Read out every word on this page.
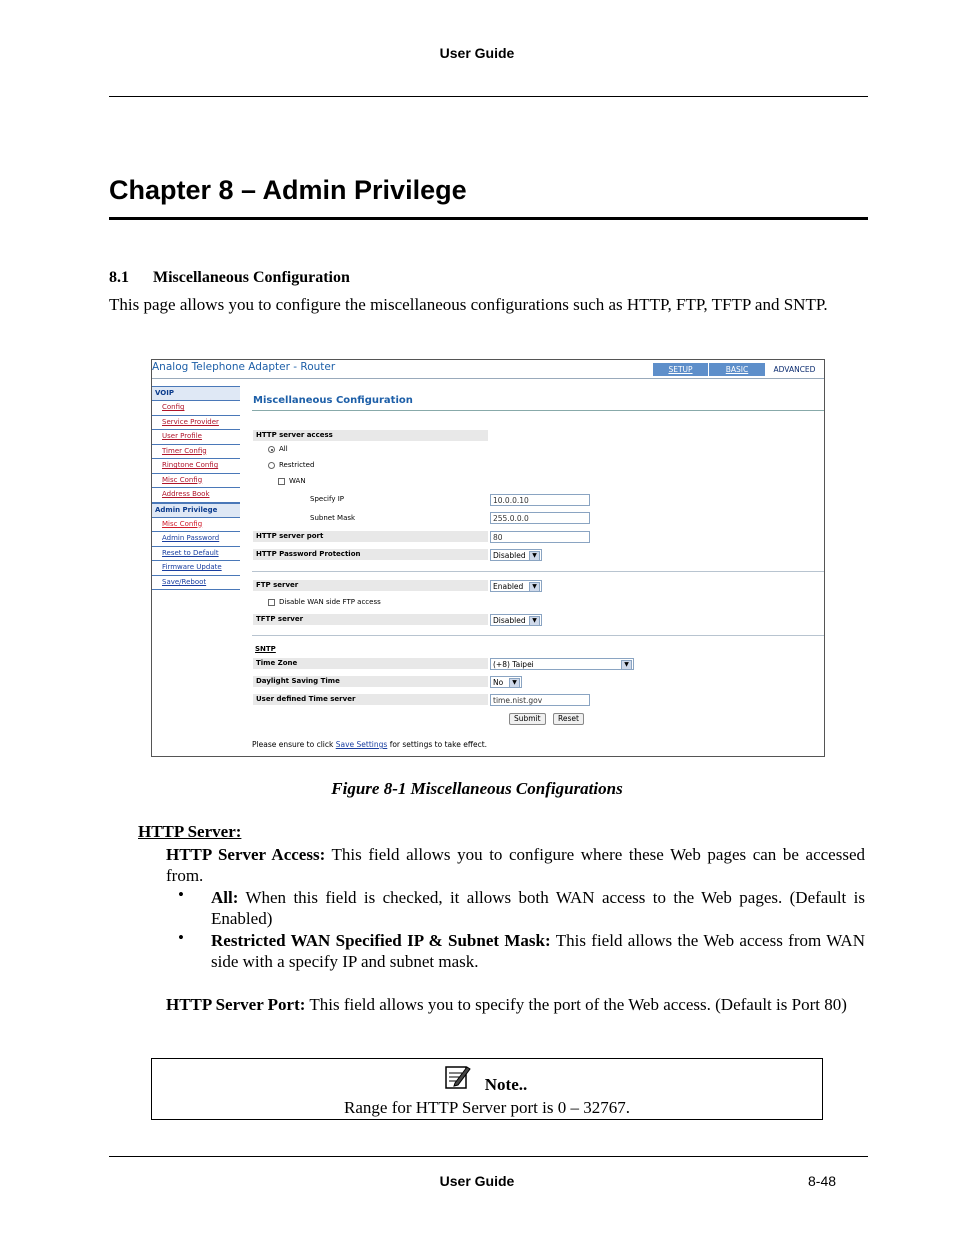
User Guide
Chapter 8 – Admin Privilege
8.1 Miscellaneous Configuration
This page allows you to configure the miscellaneous configurations such as HTTP, FTP, TFTP and SNTP.
Analog Telephone Adapter - Router	SETUP	BASIC	ADVANCED
VOIP
Config
Service Provider
User Profile
Timer Config
Ringtone Config
Misc Config
Address Book
Admin Privilege
Misc Config
Admin Password
Reset to Default
Firmware Update
Save/Reboot
Miscellaneous Configuration
HTTP server access
All
Restricted
WAN
Specify IP	10.0.0.10
Subnet Mask	255.0.0.0
HTTP server port	80
HTTP Password Protection	Disabled	▼
FTP server	Enabled	▼
Disable WAN side FTP access
TFTP server	Disabled	▼
SNTP
Time Zone	(+8) Taipei	▼
Daylight Saving Time	No	▼
User defined Time server	time.nist.gov
Submit	Reset
Please ensure to click Save Settings for settings to take effect.
Figure 8-1 Miscellaneous Configurations
HTTP Server:
HTTP Server Access: This field allows you to configure where these Web pages can be accessed from.
• All: When this field is checked, it allows both WAN access to the Web pages. (Default is Enabled)
• Restricted WAN Specified IP & Subnet Mask: This field allows the Web access from WAN side with a specify IP and subnet mask.
HTTP Server Port: This field allows you to specify the port of the Web access. (Default is Port 80)
Note..
Range for HTTP Server port is 0 – 32767.
User Guide	8-48
